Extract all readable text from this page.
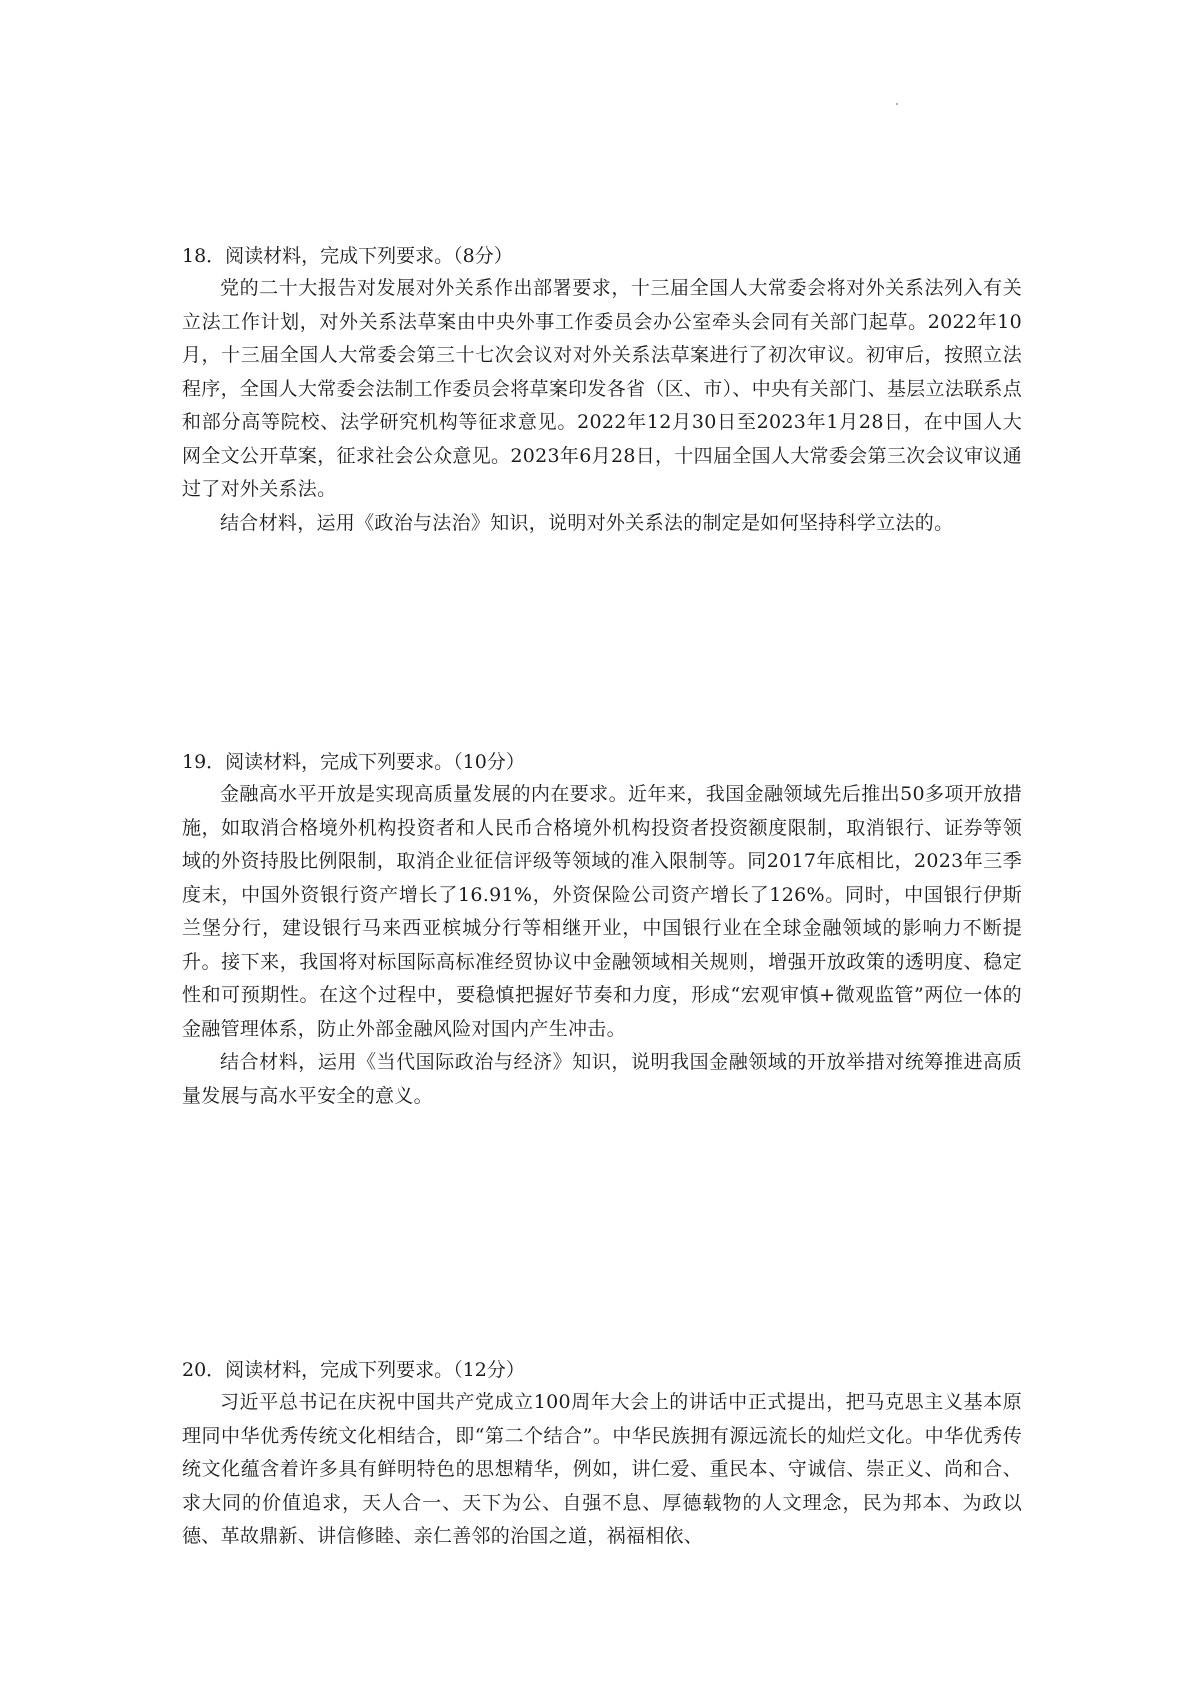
18．阅读材料，完成下列要求。（8分）

党的二十大报告对发展对外关系作出部署要求，十三届全国人大常委会将对外关系法列入有关立法工作计划，对外关系法草案由中央外事工作委员会办公室牵头会同有关部门起草。2022年10月，十三届全国人大常委会第三十七次会议对对外关系法草案进行了初次审议。初审后，按照立法程序，全国人大常委会法制工作委员会将草案印发各省（区、市）、中央有关部门、基层立法联系点和部分高等院校、法学研究机构等征求意见。2022年12月30日至2023年1月28日，在中国人大网全文公开草案，征求社会公众意见。2023年6月28日，十四届全国人大常委会第三次会议审议通过了对外关系法。

结合材料，运用《政治与法治》知识，说明对外关系法的制定是如何坚持科学立法的。

19．阅读材料，完成下列要求。（10分）

金融高水平开放是实现高质量发展的内在要求。近年来，我国金融领域先后推出50多项开放措施，如取消合格境外机构投资者和人民币合格境外机构投资者投资额度限制，取消银行、证券等领域的外资持股比例限制，取消企业征信评级等领域的准入限制等。同2017年底相比，2023年三季度末，中国外资银行资产增长了16.91%，外资保险公司资产增长了126%。同时，中国银行伊斯兰堡分行，建设银行马来西亚槟城分行等相继开业，中国银行业在全球金融领域的影响力不断提升。接下来，我国将对标国际高标准经贸协议中金融领域相关规则，增强开放政策的透明度、稳定性和可预期性。在这个过程中，要稳慎把握好节奏和力度，形成“宏观审慎+微观监管”两位一体的金融管理体系，防止外部金融风险对国内产生冲击。

结合材料，运用《当代国际政治与经济》知识，说明我国金融领域的开放举措对统筹推进高质量发展与高水平安全的意义。

20．阅读材料，完成下列要求。（12分）

习近平总书记在庆祝中国共产党成立100周年大会上的讲话中正式提出，把马克思主义基本原理同中华优秀传统文化相结合，即“第二个结合”。中华民族拥有源远流长的灿烂文化。中华优秀传统文化蕴含着许多具有鲜明特色的思想精华，例如，讲仁爱、重民本、守诚信、崇正义、尚和合、求大同的价值追求，天人合一、天下为公、自强不息、厚德载物的人文理念，民为邦本、为政以德、革故鼎新、讲信修睦、亲仁善邻的治国之道，祸福相依、
